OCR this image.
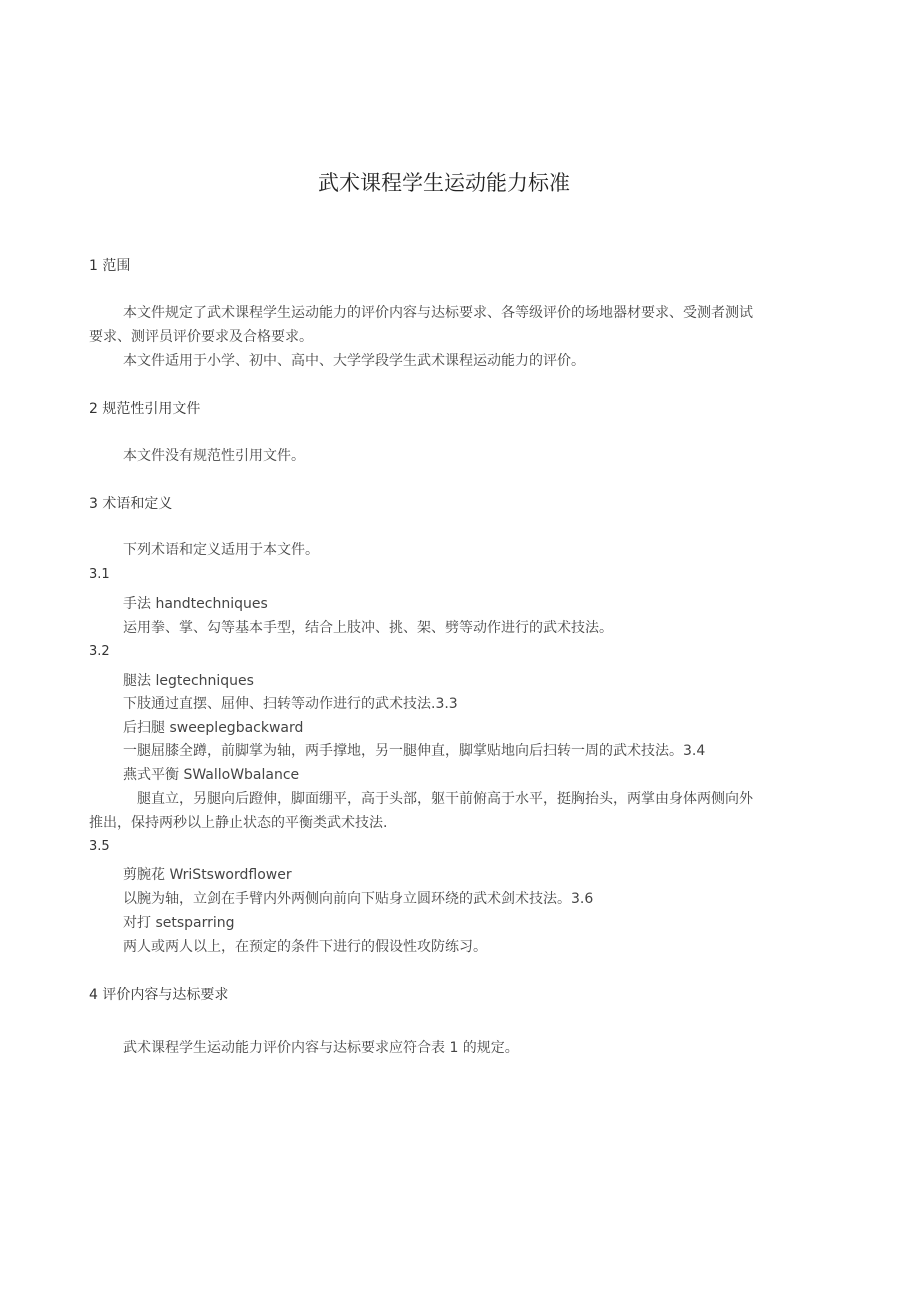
武术课程学生运动能力标准
1 范围
本文件规定了武术课程学生运动能力的评价内容与达标要求、各等级评价的场地器材要求、受测者测试
要求、测评员评价要求及合格要求。
本文件适用于小学、初中、高中、大学学段学生武术课程运动能力的评价。
2 规范性引用文件
本文件没有规范性引用文件。
3 术语和定义
下列术语和定义适用于本文件。
3.1
手法 handtechniques
运用拳、掌、勾等基本手型，结合上肢冲、挑、架、劈等动作进行的武术技法。
3.2
腿法 legtechniques
下肢通过直摆、屈伸、扫转等动作进行的武术技法.3.3
后扫腿 sweeplegbackward
一腿屈膝全蹲，前脚掌为轴，两手撑地，另一腿伸直，脚掌贴地向后扫转一周的武术技法。3.4
燕式平衡 SWalloWbalance
腿直立，另腿向后蹬伸，脚面绷平，高于头部，躯干前俯高于水平，挺胸抬头，两掌由身体两侧向外
推出，保持两秒以上静止状态的平衡类武术技法.
3.5
剪腕花 WriStswordflower
以腕为轴，立剑在手臂内外两侧向前向下贴身立圆环绕的武术剑术技法。3.6
对打 setsparring
两人或两人以上，在预定的条件下进行的假设性攻防练习。
4 评价内容与达标要求
武术课程学生运动能力评价内容与达标要求应符合表 1 的规定。
